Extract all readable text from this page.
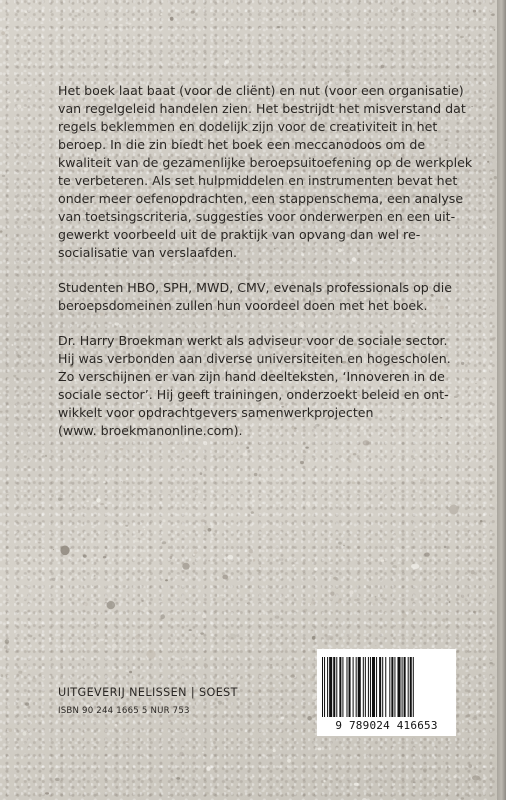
Het boek laat baat (voor de cliënt) en nut (voor een organisatie)
van regelgeleid handelen zien. Het bestrijdt het misverstand dat
regels beklemmen en dodelijk zijn voor de creativiteit in het
beroep. In die zin biedt het boek een meccanodoos om de
kwaliteit van de gezamenlijke beroepsuitoefening op de werkplek
te verbeteren. Als set hulpmiddelen en instrumenten bevat het
onder meer oefenopdrachten, een stappenschema, een analyse
van toetsingscriteria, suggesties voor onderwerpen en een uit-
gewerkt voorbeeld uit de praktijk van opvang dan wel re-
socialisatie van verslaafden.

Studenten HBO, SPH, MWD, CMV, evenals professionals op die
beroepsdomeinen zullen hun voordeel doen met het boek.

Dr. Harry Broekman werkt als adviseur voor de sociale sector.
Hij was verbonden aan diverse universiteiten en hogescholen.
Zo verschijnen er van zijn hand deelteksten, ‘Innoveren in de
sociale sector’. Hij geeft trainingen, onderzoekt beleid en ont-
wikkelt voor opdrachtgevers samenwerkprojecten
(www. broekmanonline.com).

UITGEVERIJ NELISSEN | SOEST
ISBN 90 244 1665 5 NUR 753
9 789024 416653
